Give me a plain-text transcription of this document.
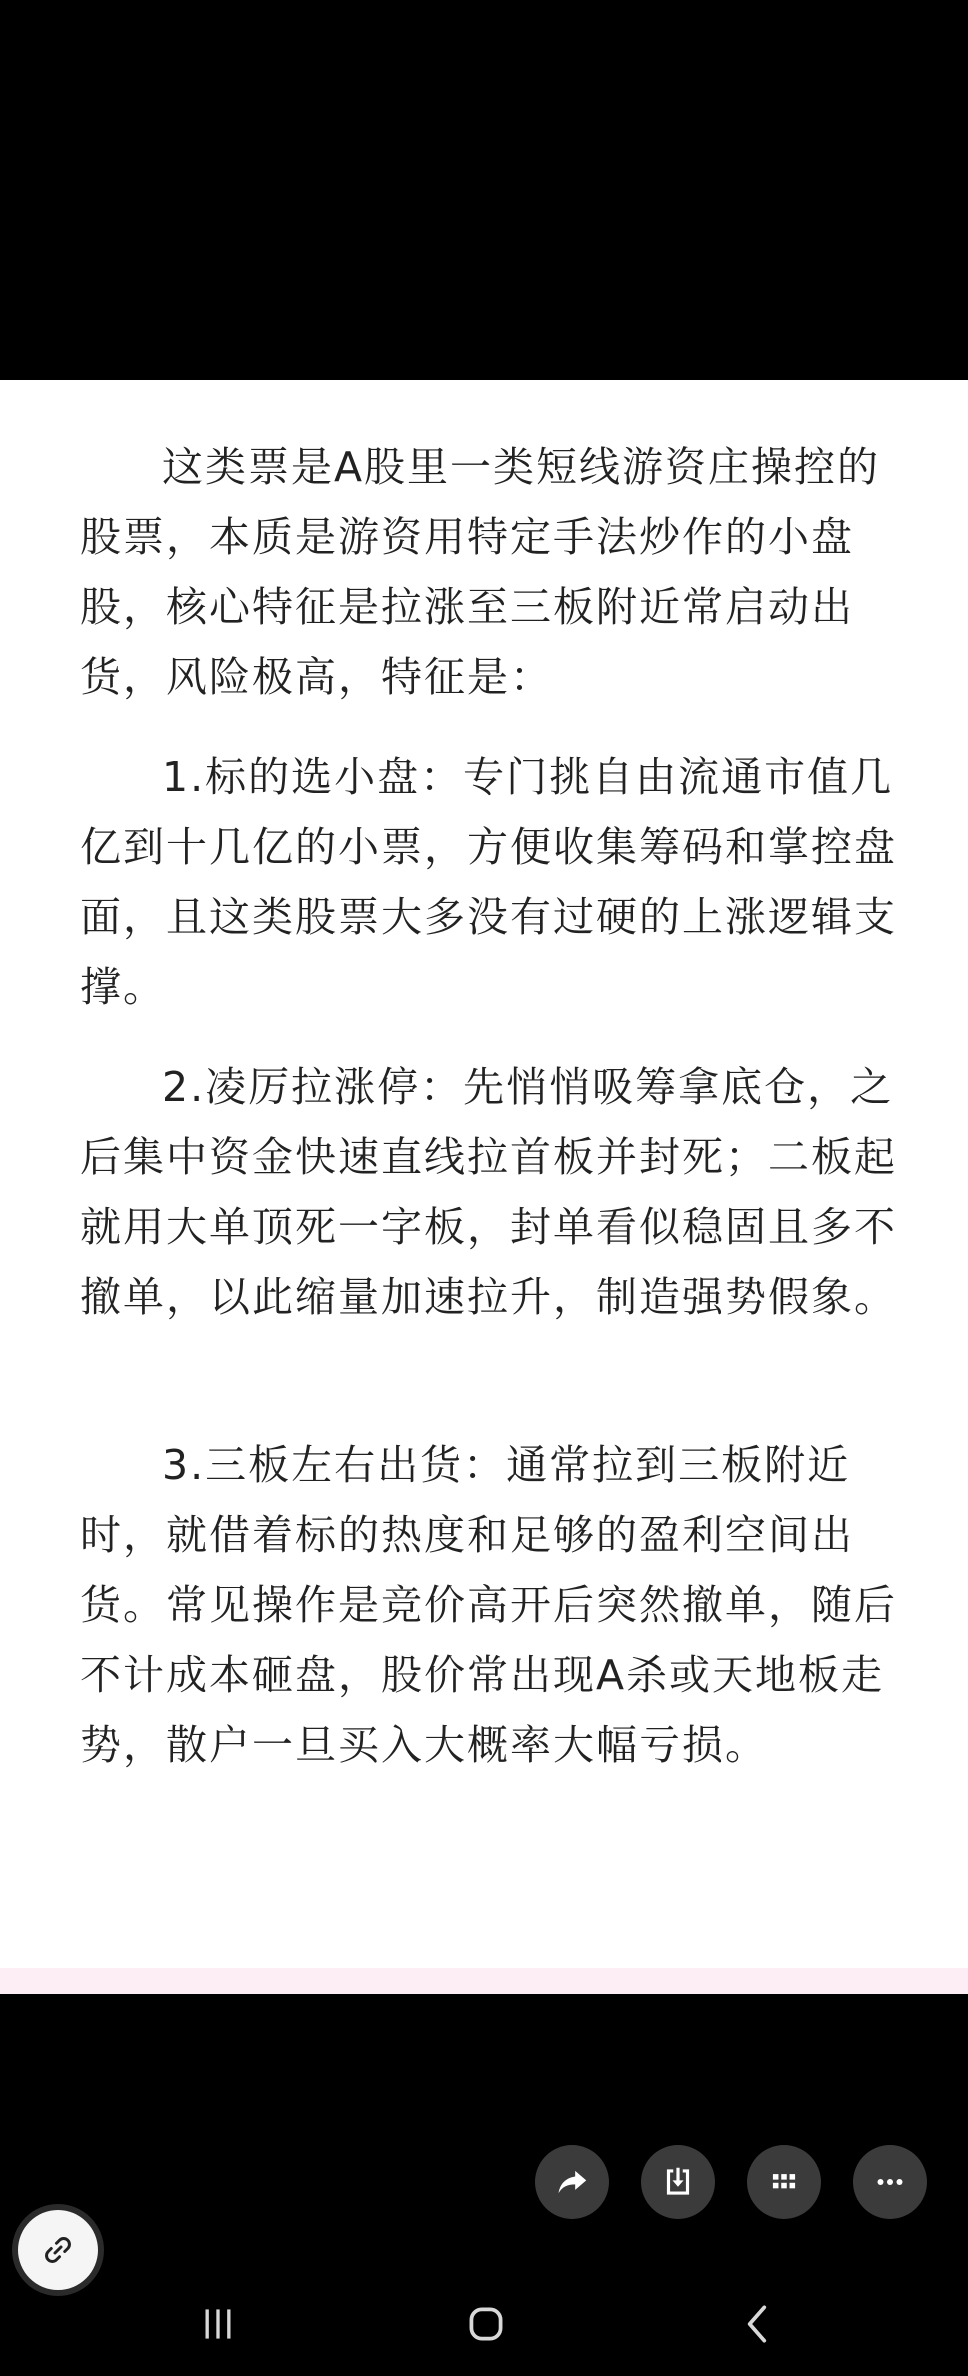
这类票是A股里一类短线游资庄操控的股票，本质是游资用特定手法炒作的小盘股，核心特征是拉涨至三板附近常启动出货，风险极高，特征是：
1.标的选小盘：专门挑自由流通市值几亿到十几亿的小票，方便收集筹码和掌控盘面，且这类股票大多没有过硬的上涨逻辑支撑。
2.凌厉拉涨停：先悄悄吸筹拿底仓，之后集中资金快速直线拉首板并封死；二板起就用大单顶死一字板，封单看似稳固且多不撤单，以此缩量加速拉升，制造强势假象。
3.三板左右出货：通常拉到三板附近时，就借着标的热度和足够的盈利空间出货。常见操作是竞价高开后突然撤单，随后不计成本砸盘，股价常出现A杀或天地板走势，散户一旦买入大概率大幅亏损。
